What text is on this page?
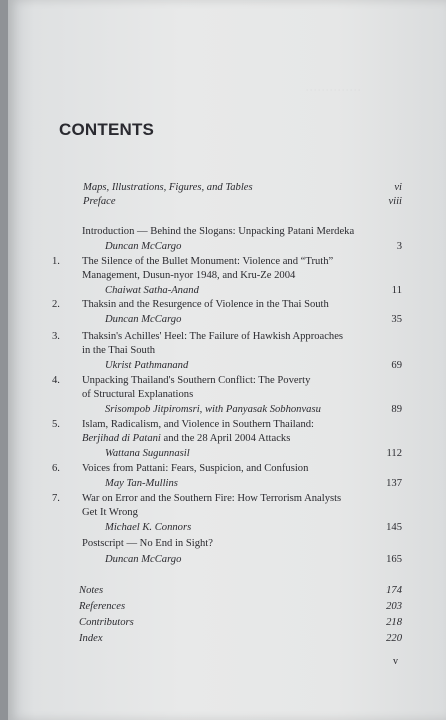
· · · · · · · · · · · · · ·
CONTENTS
Maps, Illustrations, Figures, and Tables	vi
Preface	viii
Introduction — Behind the Slogans: Unpacking Patani Merdeka
Duncan McCargo	3
1. The Silence of the Bullet Monument: Violence and “Truth”
Management, Dusun-nyor 1948, and Kru-Ze 2004
Chaiwat Satha-Anand	11
2. Thaksin and the Resurgence of Violence in the Thai South
Duncan McCargo	35
3. Thaksin's Achilles' Heel: The Failure of Hawkish Approaches
in the Thai South
Ukrist Pathmanand	69
4. Unpacking Thailand's Southern Conflict: The Poverty
of Structural Explanations
Srisompob Jitpiromsri, with Panyasak Sobhonvasu	89
5. Islam, Radicalism, and Violence in Southern Thailand:
Berjihad di Patani and the 28 April 2004 Attacks
Wattana Sugunnasil	112
6. Voices from Pattani: Fears, Suspicion, and Confusion
May Tan-Mullins	137
7. War on Error and the Southern Fire: How Terrorism Analysts
Get It Wrong
Michael K. Connors	145
Postscript — No End in Sight?
Duncan McCargo	165
Notes	174
References	203
Contributors	218
Index	220
v
